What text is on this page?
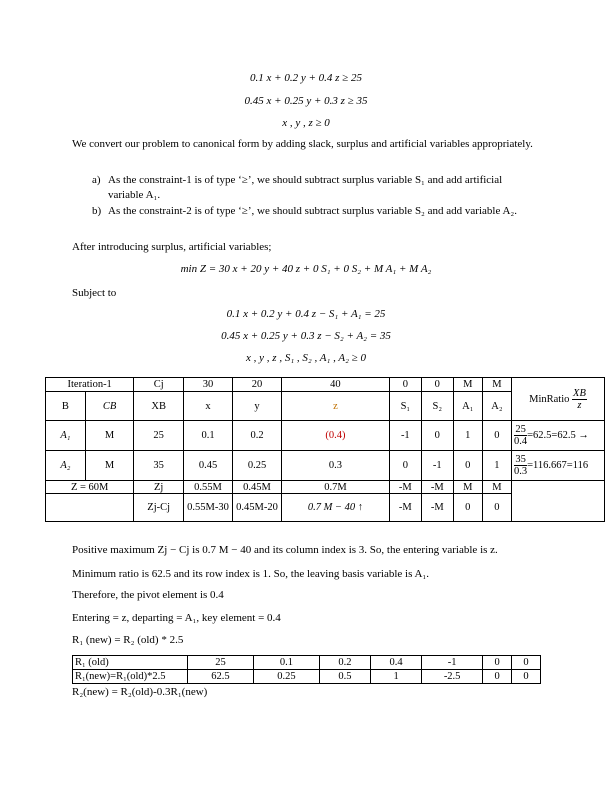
0.1 x + 0.2 y + 0.4 z ≥ 25
0.45 x + 0.25 y + 0.3 z ≥ 35
x , y , z ≥ 0
We convert our problem to canonical form by adding slack, surplus and artificial variables appropriately.
a) As the constraint-1 is of type ‘≥’, we should subtract surplus variable S₁ and add artificial variable A₁.
b) As the constraint-2 is of type ‘≥’, we should subtract surplus variable S₂ and add variable A₂.
After introducing surplus, artificial variables;
min Z = 30 x + 20 y + 40 z + 0 S₁ + 0 S₂ + M A₁ + M A₂
Subject to
0.1 x + 0.2 y + 0.4 z − S₁ + A₁ = 25
0.45 x + 0.25 y + 0.3 z − S₂ + A₂ = 35
x , y , z , S₁ , S₂ , A₁ , A₂ ≥ 0
Iteration-1		Cj	30	20	40	0	0	M	M	MinRatio $\frac{XB}{z}$

B	CB	XB	x	y	z	S₁	S₂	A₁	A₂	
A₁	M	25	0.1	0.2	(0.4)	-1	0	1	0	$\frac{25}{0.4} =62.5=62.5$ →
A₂	M	35	0.45	0.25	0.3	0	-1	0	1	$\frac{35}{0.3} =116.667=116$
Z = 60M		Zj	0.55M	0.45M	0.7M	-M	-M	M	M	
		Zj-Cj	0.55M-30	0.45M-20	0.7 M − 40 ↑	-M	-M	0	0	
Positive maximum Zj − Cj is 0.7 M − 40 and its column index is 3. So, the entering variable is z.
Minimum ratio is 62.5 and its row index is 1. So, the leaving basis variable is A₁.
Therefore, the pivot element is 0.4
Entering = z, departing = A₁, key element = 0.4
R₁ (new) = R₂ (old) * 2.5
R₁ (old)	25	0.1	0.2	0.4	-1	0	0
R₁(new)=R₁(old)*2.5	62.5	0.25	0.5	1	-2.5	0	0
R₂(new) = R₂(old)-0.3R₁(new)
